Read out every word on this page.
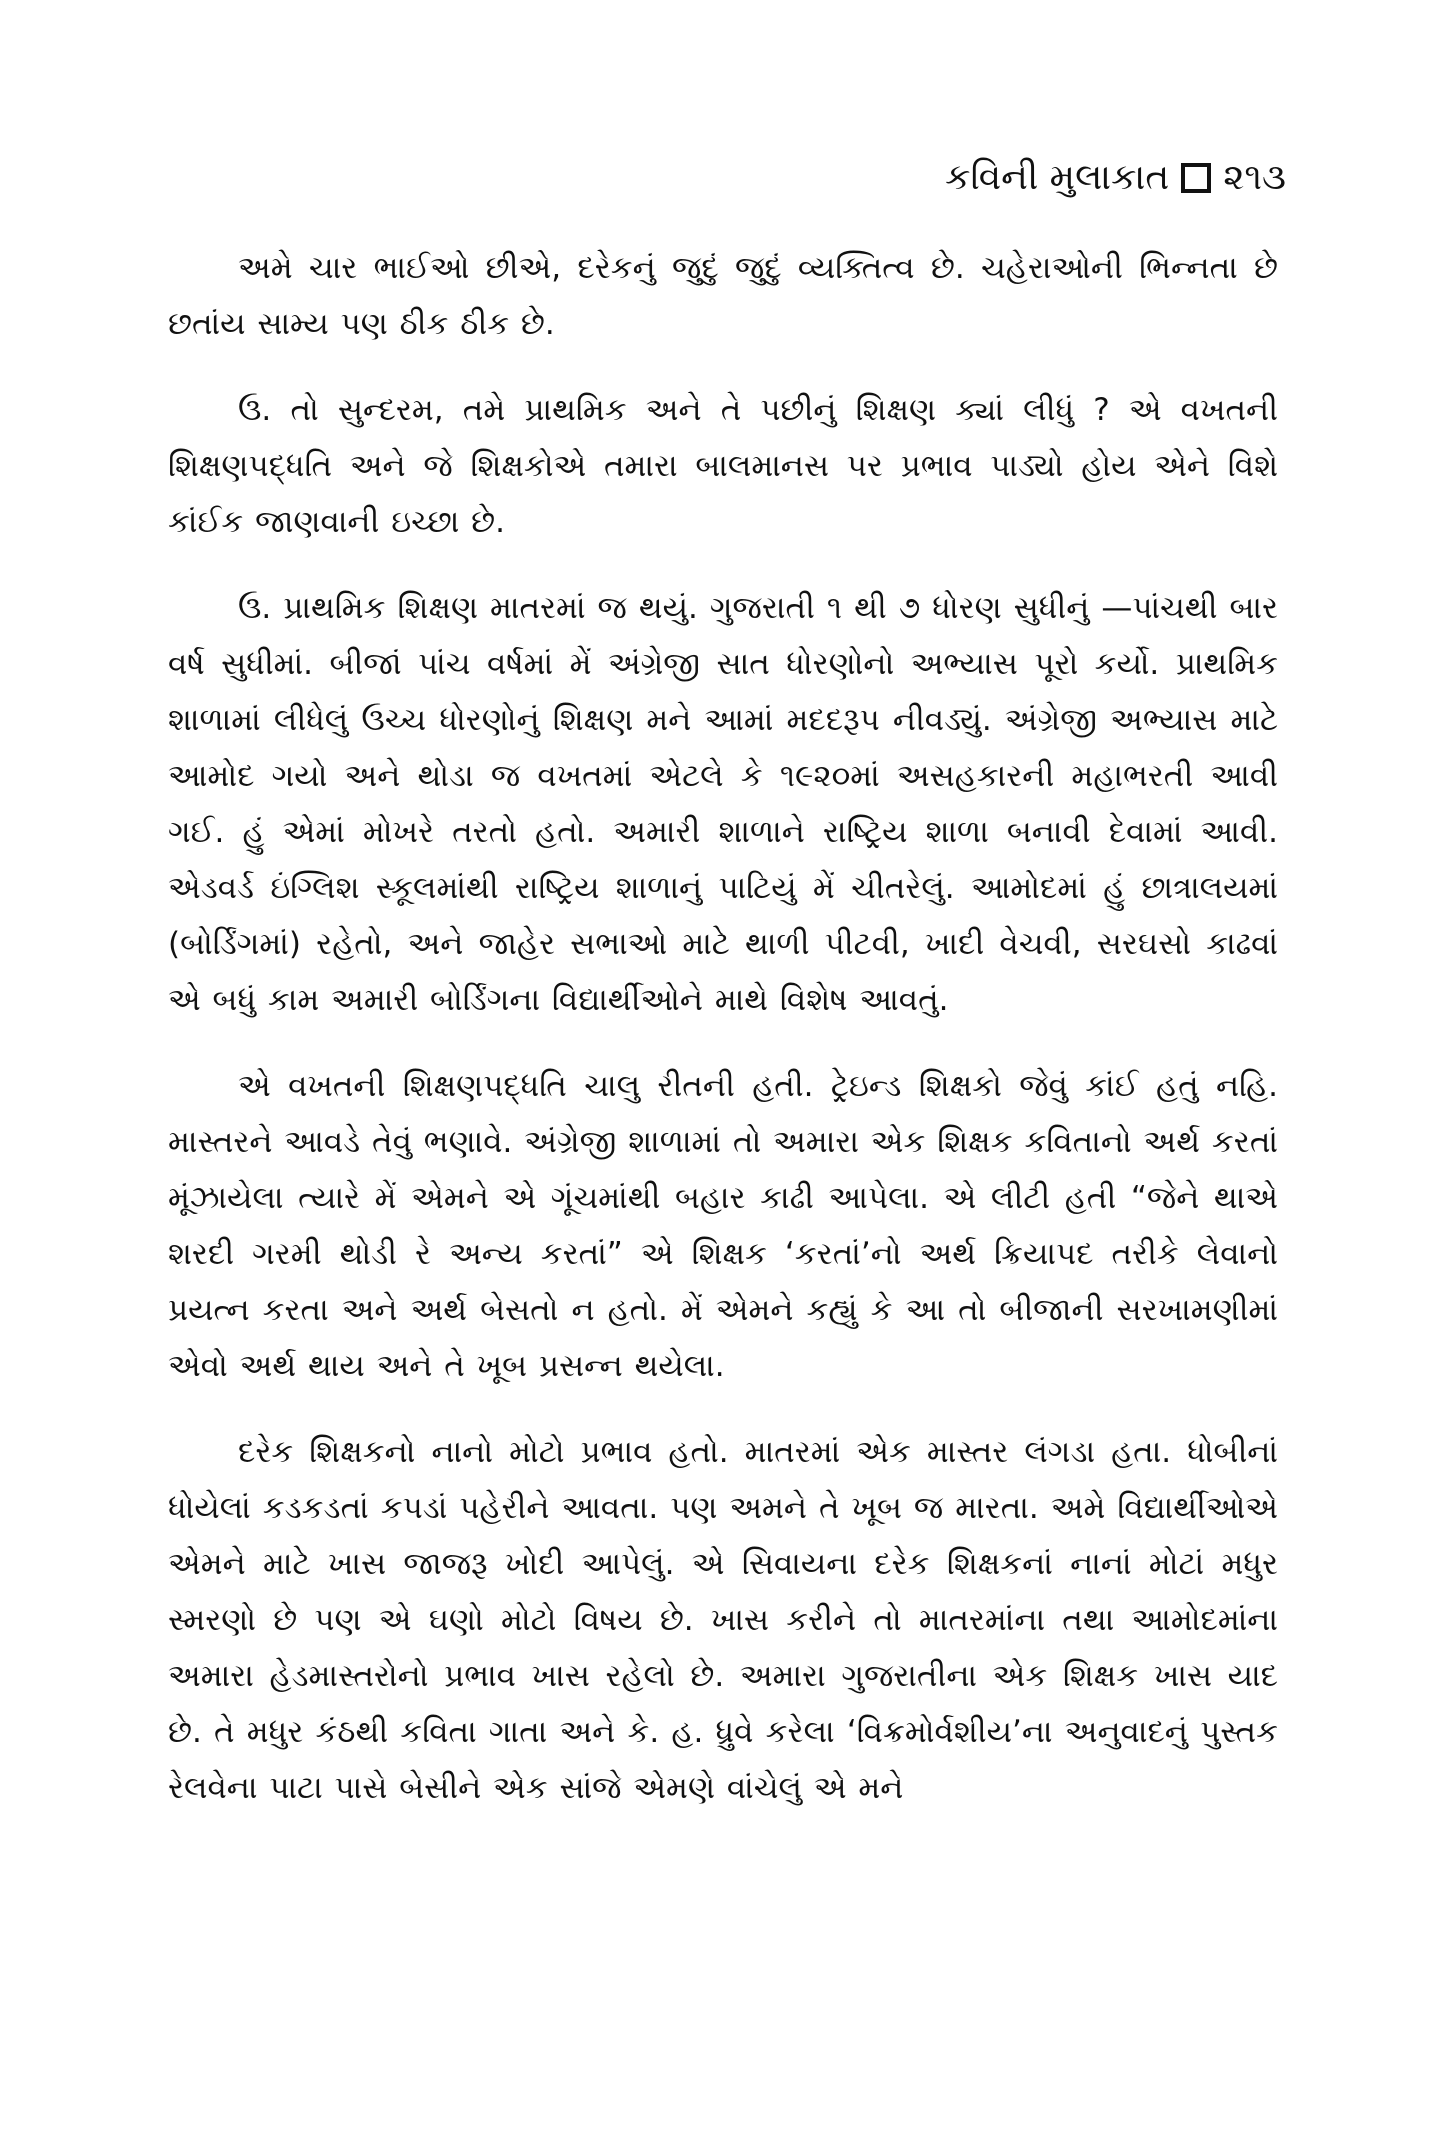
કવિની મુલાકાત ૨૧૩

અમે ચાર ભાઈઓ છીએ, દરેકનું જુદું જુદું વ્યક્તિત્વ છે. ચહેરાઓની ભિન્નતા છે છતાંય સામ્ય પણ ઠીક ઠીક છે.

ઉ. તો સુન્દરમ, તમે પ્રાથમિક અને તે પછીનું શિક્ષણ ક્યાં લીધું ? એ વખતની શિક્ષણપદ્ધતિ અને જે શિક્ષકોએ તમારા બાલમાનસ પર પ્રભાવ પાડ્યો હોય એને વિશે કાંઈક જાણવાની ઇચ્છા છે.

ઉ. પ્રાથમિક શિક્ષણ માતરમાં જ થયું. ગુજરાતી ૧ થી ૭ ધોરણ સુધીનું —પાંચથી બાર વર્ષ સુધીમાં. બીજાં પાંચ વર્ષમાં મેં અંગ્રેજી સાત ધોરણોનો અભ્યાસ પૂરો કર્યો. પ્રાથમિક શાળામાં લીધેલું ઉચ્ચ ધોરણોનું શિક્ષણ મને આમાં મદદરૂપ નીવડ્યું. અંગ્રેજી અભ્યાસ માટે આમોદ ગયો અને થોડા જ વખતમાં એટલે કે ૧૯૨૦માં અસહકારની મહાભરતી આવી ગઈ. હું એમાં મોખરે તરતો હતો. અમારી શાળાને રાષ્ટ્રિય શાળા બનાવી દેવામાં આવી. એડવર્ડ ઇંગ્લિશ સ્કૂલમાંથી રાષ્ટ્રિય શાળાનું પાટિયું મેં ચીતરેલું. આમોદમાં હું છાત્રાલયમાં (બોર્ડિંગમાં) રહેતો, અને જાહેર સભાઓ માટે થાળી પીટવી, ખાદી વેચવી, સરઘસો કાઢવાં એ બધું કામ અમારી બોર્ડિંગના વિદ્યાર્થીઓને માથે વિશેષ આવતું.

એ વખતની શિક્ષણપદ્ધતિ ચાલુ રીતની હતી. ટ્રેઇન્ડ શિક્ષકો જેવું કાંઈ હતું નહિ. માસ્તરને આવડે તેવું ભણાવે. અંગ્રેજી શાળામાં તો અમારા એક શિક્ષક કવિતાનો અર્થ કરતાં મૂંઝાયેલા ત્યારે મેં એમને એ ગૂંચમાંથી બહાર કાઢી આપેલા. એ લીટી હતી “જેને થાએ શરદી ગરમી થોડી રે અન્ય કરતાં” એ શિક્ષક ‘કરતાં’નો અર્થ ક્રિયાપદ તરીકે લેવાનો પ્રયત્ન કરતા અને અર્થ બેસતો ન હતો. મેં એમને કહ્યું કે આ તો બીજાની સરખામણીમાં એવો અર્થ થાય અને તે ખૂબ પ્રસન્ન થયેલા.

દરેક શિક્ષકનો નાનો મોટો પ્રભાવ હતો. માતરમાં એક માસ્તર લંગડા હતા. ધોબીનાં ધોયેલાં કડકડતાં કપડાં પહેરીને આવતા. પણ અમને તે ખૂબ જ મારતા. અમે વિદ્યાર્થીઓએ એમને માટે ખાસ જાજરૂ ખોદી આપેલું. એ સિવાયના દરેક શિક્ષકનાં નાનાં મોટાં મધુર સ્મરણો છે પણ એ ઘણો મોટો વિષય છે. ખાસ કરીને તો માતરમાંના તથા આમોદમાંના અમારા હેડમાસ્તરોનો પ્રભાવ ખાસ રહેલો છે. અમારા ગુજરાતીના એક શિક્ષક ખાસ યાદ છે. તે મધુર કંઠથી કવિતા ગાતા અને કે. હ. ધ્રુવે કરેલા ‘વિક્રમોર્વશીય’ના અનુવાદનું પુસ્તક રેલવેના પાટા પાસે બેસીને એક સાંજે એમણે વાંચેલું એ મને
